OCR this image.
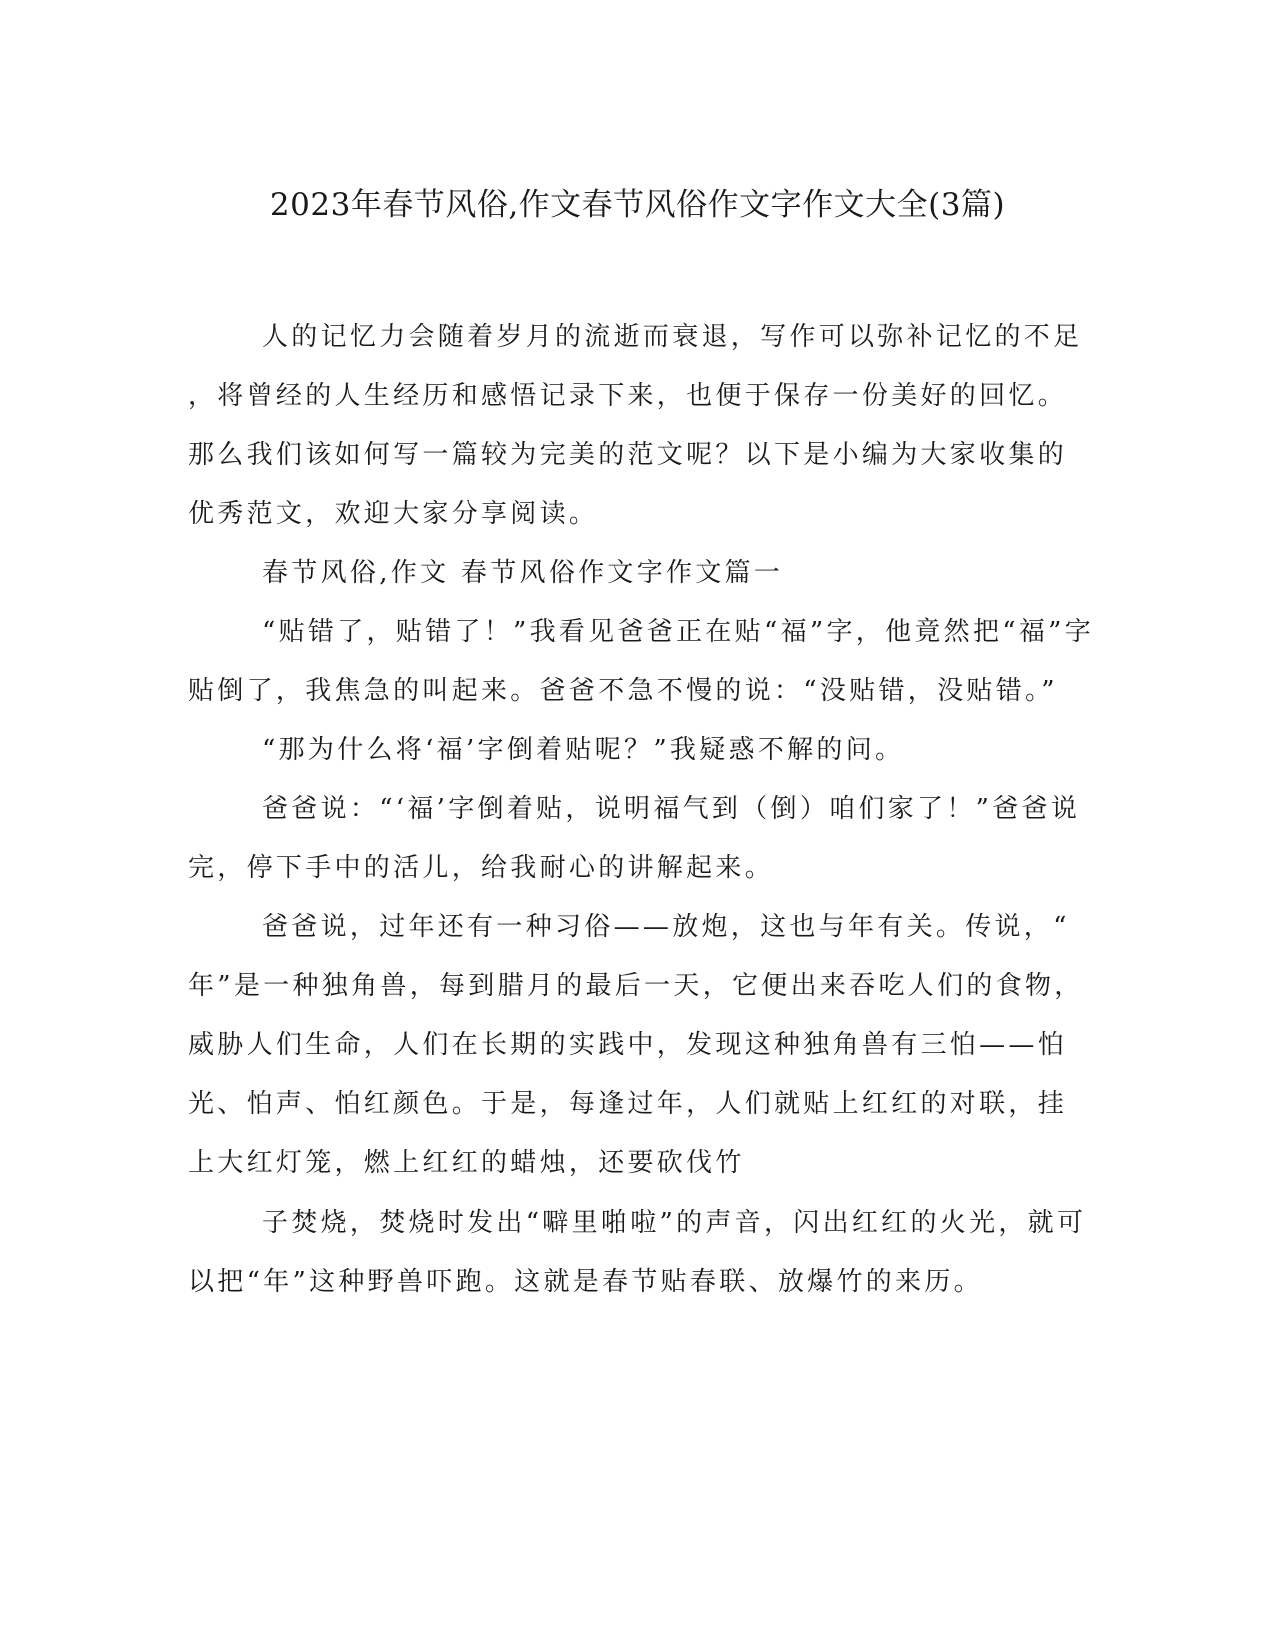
2023年春节风俗,作文春节风俗作文字作文大全(3篇)

人的记忆力会随着岁月的流逝而衰退，写作可以弥补记忆的不足

，将曾经的人生经历和感悟记录下来，也便于保存一份美好的回忆。

那么我们该如何写一篇较为完美的范文呢？以下是小编为大家收集的

优秀范文，欢迎大家分享阅读。

春节风俗,作文 春节风俗作文字作文篇一

“贴错了，贴错了！”我看见爸爸正在贴“福”字，他竟然把“福”字

贴倒了，我焦急的叫起来。爸爸不急不慢的说：“没贴错，没贴错。”

“那为什么将‘福’字倒着贴呢？”我疑惑不解的问。

爸爸说：“‘福’字倒着贴，说明福气到（倒）咱们家了！”爸爸说

完，停下手中的活儿，给我耐心的讲解起来。

爸爸说，过年还有一种习俗——放炮，这也与年有关。传说，“

年”是一种独角兽，每到腊月的最后一天，它便出来吞吃人们的食物，

威胁人们生命，人们在长期的实践中，发现这种独角兽有三怕——怕

光、怕声、怕红颜色。于是，每逢过年，人们就贴上红红的对联，挂

上大红灯笼，燃上红红的蜡烛，还要砍伐竹

子焚烧，焚烧时发出“噼里啪啦”的声音，闪出红红的火光，就可

以把“年”这种野兽吓跑。这就是春节贴春联、放爆竹的来历。
